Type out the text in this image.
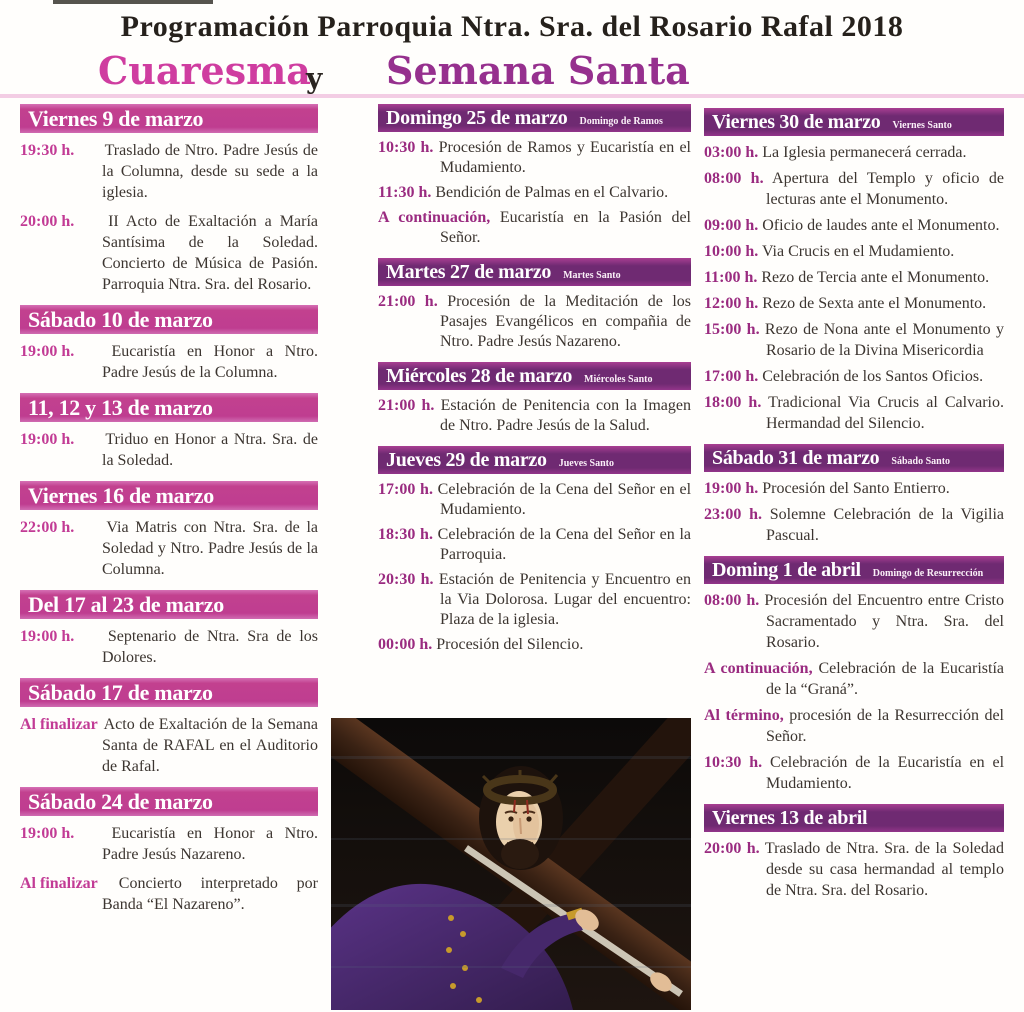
Programación Parroquia Ntra. Sra. del Rosario Rafal 2018
Cuaresma
y Semana Santa
Viernes 9 de marzo

19:30 h. Traslado de Ntro. Padre Jesús de la Columna, desde su sede a la iglesia.

20:00 h. II Acto de Exaltación a María Santísima de la Soledad. Concierto de Música de Pasión. Parroquia Ntra. Sra. del Rosario.

Sábado 10 de marzo

19:00 h. Eucaristía en Honor a Ntro. Padre Jesús de la Columna.

11, 12 y 13 de marzo

19:00 h. Triduo en Honor a Ntra. Sra. de la Soledad.

Viernes 16 de marzo

22:00 h. Via Matris con Ntra. Sra. de la Soledad y Ntro. Padre Jesús de la Columna.

Del 17 al 23 de marzo

19:00 h. Septenario de Ntra. Sra de los Dolores.

Sábado 17 de marzo

Al finalizar Acto de Exaltación de la Semana Santa de RAFAL en el Auditorio de Rafal.

Sábado 24 de marzo

19:00 h. Eucaristía en Honor a Ntro. Padre Jesús Nazareno.

Al finalizar Concierto interpretado por Banda “El Nazareno”.

Domingo 25 de marzo Domingo de Ramos

10:30 h. Procesión de Ramos y Eucaristía en el Mudamiento.

11:30 h. Bendición de Palmas en el Calvario.

A continuación, Eucaristía en la Pasión del Señor.

Martes 27 de marzo Martes Santo

21:00 h. Procesión de la Meditación de los Pasajes Evangélicos en compañia de Ntro. Padre Jesús Nazareno.

Miércoles 28 de marzo Miércoles Santo

21:00 h. Estación de Penitencia con la Imagen de Ntro. Padre Jesús de la Salud.

Jueves 29 de marzo Jueves Santo

17:00 h. Celebración de la Cena del Señor en el Mudamiento.

18:30 h. Celebración de la Cena del Señor en la Parroquia.

20:30 h. Estación de Penitencia y Encuentro en la Via Dolorosa. Lugar del encuentro: Plaza de la iglesia.

00:00 h. Procesión del Silencio.

Viernes 30 de marzo Viernes Santo

03:00 h. La Iglesia permanecerá cerrada.

08:00 h. Apertura del Templo y oficio de lecturas ante el Monumento.

09:00 h. Oficio de laudes ante el Monumento.

10:00 h. Via Crucis en el Mudamiento.

11:00 h. Rezo de Tercia ante el Monumento.

12:00 h. Rezo de Sexta ante el Monumento.

15:00 h. Rezo de Nona ante el Monumento y Rosario de la Divina Misericordia

17:00 h. Celebración de los Santos Oficios.

18:00 h. Tradicional Via Crucis al Calvario. Hermandad del Silencio.

Sábado 31 de marzo Sábado Santo

19:00 h. Procesión del Santo Entierro.

23:00 h. Solemne Celebración de la Vigilia Pascual.

Doming 1 de abril Domingo de Resurrección

08:00 h. Procesión del Encuentro entre Cristo Sacramentado y Ntra. Sra. del Rosario.

A continuación, Celebración de la Eucaristía de la “Graná”.

Al término, procesión de la Resurrección del Señor.

10:30 h. Celebración de la Eucaristía en el Mudamiento.

Viernes 13 de abril

20:00 h. Traslado de Ntra. Sra. de la Soledad desde su casa hermandad al templo de Ntra. Sra. del Rosario.
